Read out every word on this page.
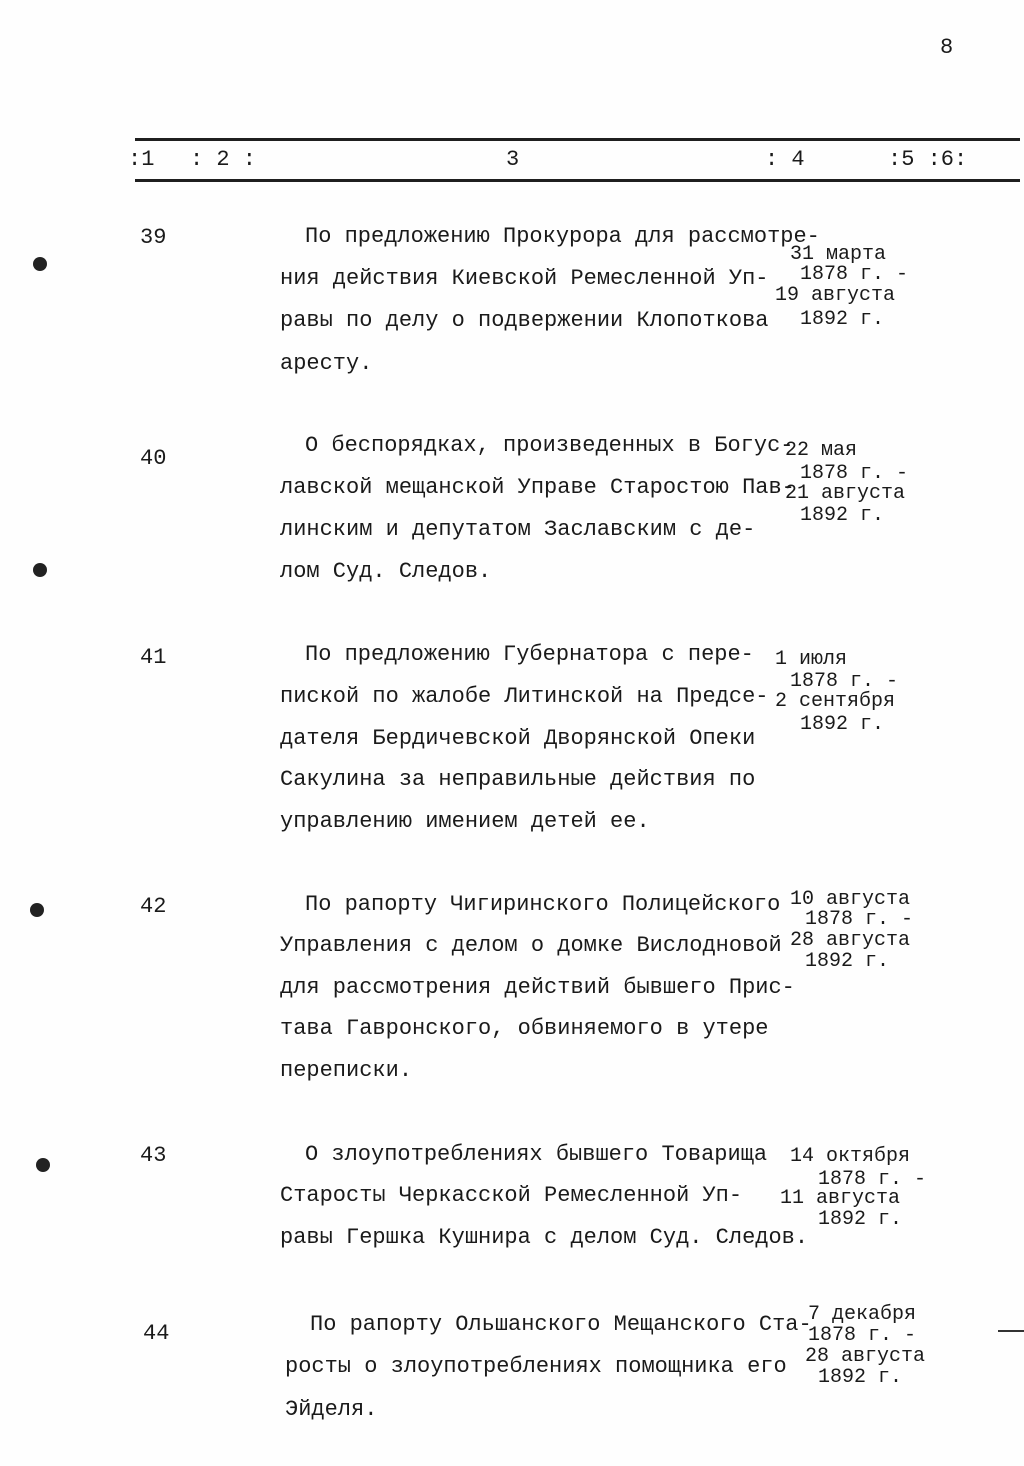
8
:1 : 2 :	3	: 4	:5 :6:
39	По предложению Прокурора для рассмотре-
ния действия Киевской Ремесленной Уп-
равы по делу о подвержении Клопоткова
аресту.
31 марта
1878 г. -
19 августа
1892 г.
40
О беспорядках, произведенных в Богус-
лавской мещанской Управе Старостою Пав-
линским и депутатом Заславским с де-
лом Суд. Следов.
22 мая
1878 г. -
21 августа
1892 г.
41	По предложению Губернатора с пере-
пиской по жалобе Литинской на Предсе-
дателя Бердичевской Дворянской Опеки
Сакулина за неправильные действия по
управлению имением детей ее.
1 июля
1878 г. -
2 сентября
1892 г.
42	По рапорту Чигиринского Полицейского
Управления с делом о домке Вислодновой
для рассмотрения действий бывшего Прис-
тава Гавронского, обвиняемого в утере
переписки.
10 августа
1878 г. -
28 августа
1892 г.
43	О злоупотреблениях бывшего Товарища
Старосты Черкасской Ремесленной Уп-
равы Гершка Кушнира с делом Суд. Следов.
14 октября
1878 г. -
11 августа
1892 г.
44	По рапорту Ольшанского Мещанского Ста-
росты о злоупотреблениях помощника его
Эйделя.
7 декабря
1878 г. -
28 августа
1892 г.
